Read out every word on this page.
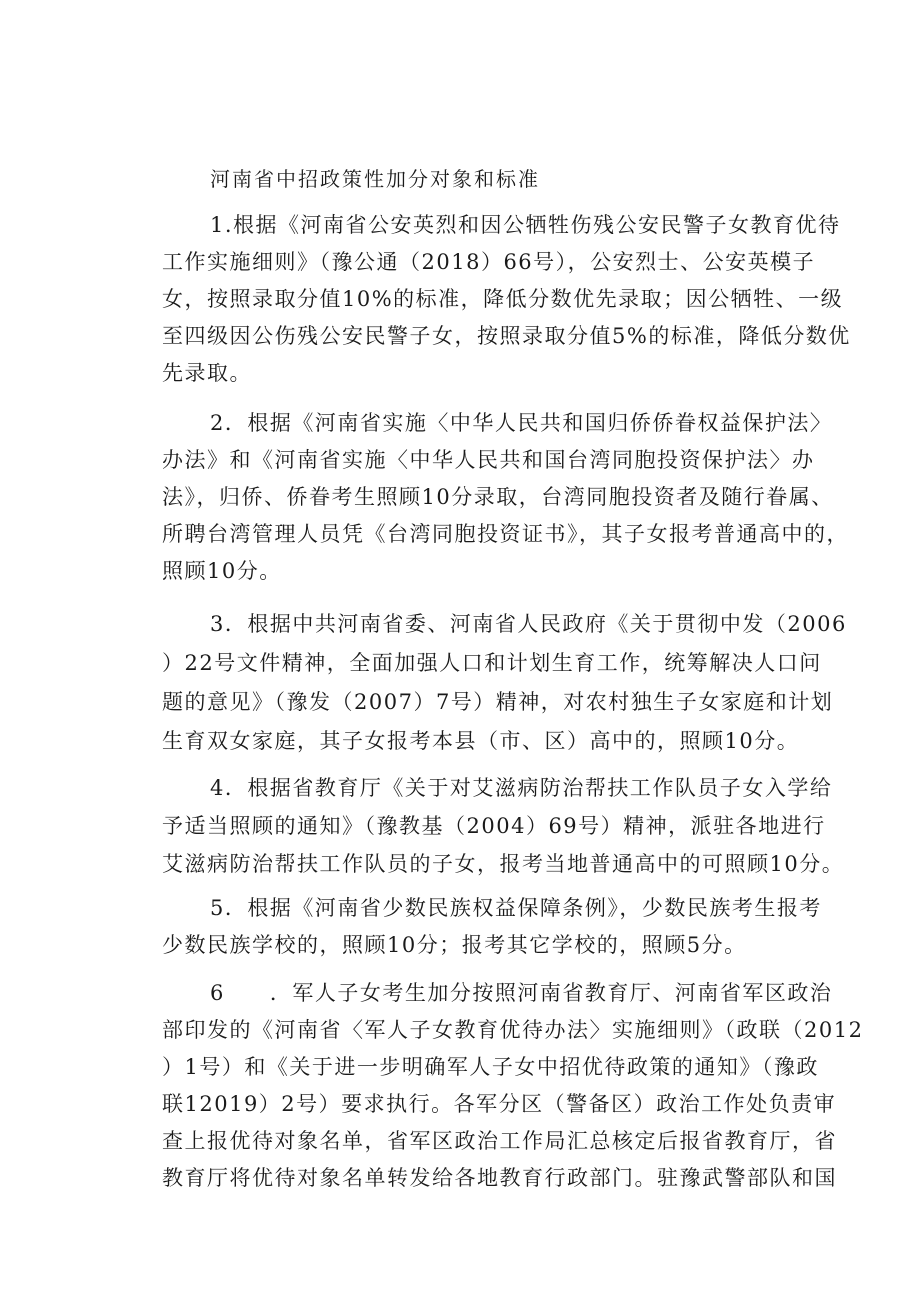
河南省中招政策性加分对象和标准
1.根据《河南省公安英烈和因公牺牲伤残公安民警子女教育优待
工作实施细则》（豫公通（2018）66号），公安烈士、公安英模子
女，按照录取分值10%的标准，降低分数优先录取；因公牺牲、一级
至四级因公伤残公安民警子女，按照录取分值5%的标准，降低分数优
先录取。
2．根据《河南省实施〈中华人民共和国归侨侨眷权益保护法〉
办法》和《河南省实施〈中华人民共和国台湾同胞投资保护法〉办
法》，归侨、侨眷考生照顾10分录取，台湾同胞投资者及随行眷属、
所聘台湾管理人员凭《台湾同胞投资证书》，其子女报考普通高中的，
照顾10分。
3．根据中共河南省委、河南省人民政府《关于贯彻中发（2006
）22号文件精神，全面加强人口和计划生育工作，统筹解决人口问
题的意见》（豫发（2007）7号）精神，对农村独生子女家庭和计划
生育双女家庭，其子女报考本县（市、区）高中的，照顾10分。
4．根据省教育厅《关于对艾滋病防治帮扶工作队员子女入学给
予适当照顾的通知》（豫教基（2004）69号）精神，派驻各地进行
艾滋病防治帮扶工作队员的子女，报考当地普通高中的可照顾10分。
5．根据《河南省少数民族权益保障条例》，少数民族考生报考
少数民族学校的，照顾10分；报考其它学校的，照顾5分。
6　　．军人子女考生加分按照河南省教育厅、河南省军区政治
部印发的《河南省〈军人子女教育优待办法〉实施细则》（政联（2012
）1号）和《关于进一步明确军人子女中招优待政策的通知》（豫政
联12019）2号）要求执行。各军分区（警备区）政治工作处负责审
查上报优待对象名单，省军区政治工作局汇总核定后报省教育厅，省
教育厅将优待对象名单转发给各地教育行政部门。驻豫武警部队和国
